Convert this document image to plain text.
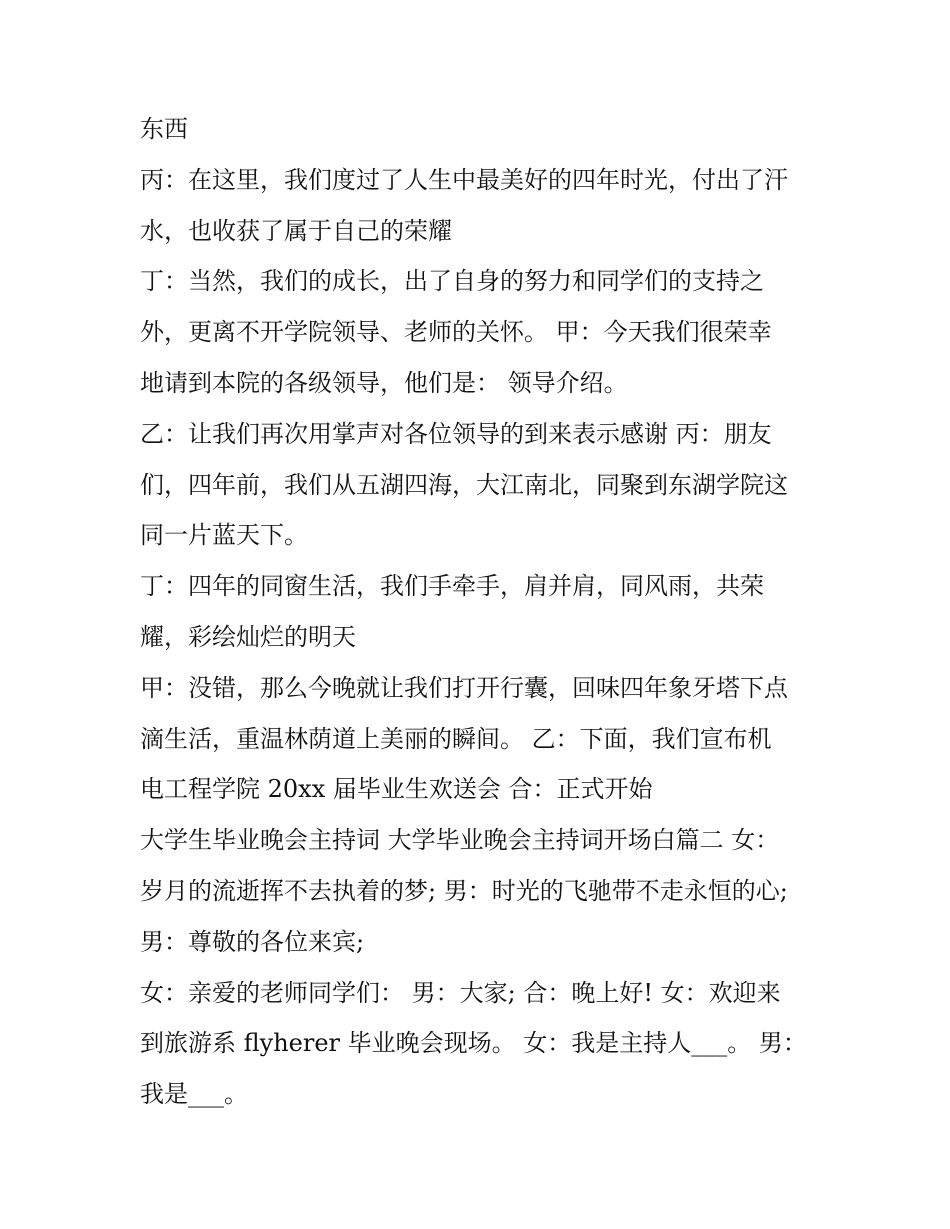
东西
丙：在这里，我们度过了人生中最美好的四年时光，付出了汗
水，也收获了属于自己的荣耀
丁：当然，我们的成长，出了自身的努力和同学们的支持之
外，更离不开学院领导、老师的关怀。 甲：今天我们很荣幸
地请到本院的各级领导，他们是： 领导介绍。
乙：让我们再次用掌声对各位领导的到来表示感谢 丙：朋友
们，四年前，我们从五湖四海，大江南北，同聚到东湖学院这
同一片蓝天下。
丁：四年的同窗生活，我们手牵手，肩并肩，同风雨，共荣
耀，彩绘灿烂的明天
甲：没错，那么今晚就让我们打开行囊，回味四年象牙塔下点
滴生活，重温林荫道上美丽的瞬间。 乙：下面，我们宣布机
电工程学院 20xx 届毕业生欢送会 合：正式开始
大学生毕业晚会主持词 大学毕业晚会主持词开场白篇二 女：
岁月的流逝挥不去执着的梦; 男：时光的飞驰带不走永恒的心;
男：尊敬的各位来宾;
女：亲爱的老师同学们： 男：大家; 合：晚上好! 女：欢迎来
到旅游系 flyherer 毕业晚会现场。 女：我是主持人___。 男：
我是___。
